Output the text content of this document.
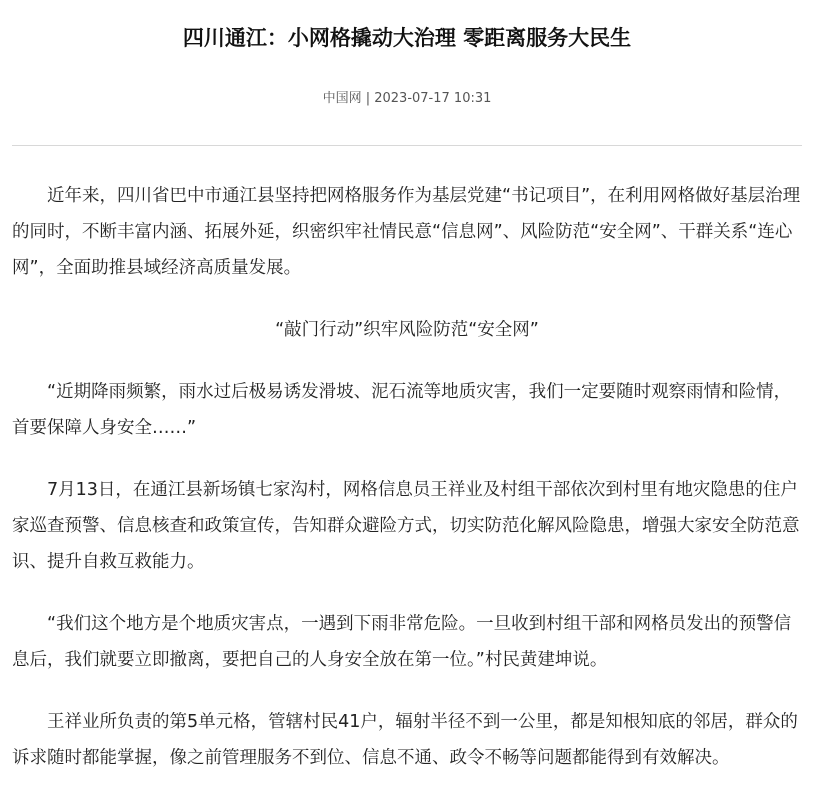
四川通江：小网格撬动大治理 零距离服务大民生
中国网 | 2023-07-17 10:31

近年来，四川省巴中市通江县坚持把网格服务作为基层党建“书记项目”，在利用网格做好基层治理的同时，不断丰富内涵、拓展外延，织密织牢社情民意“信息网”、风险防范“安全网”、干群关系“连心网”，全面助推县域经济高质量发展。

“敲门行动”织牢风险防范“安全网”

“近期降雨频繁，雨水过后极易诱发滑坡、泥石流等地质灾害，我们一定要随时观察雨情和险情，首要保障人身安全……”

7月13日，在通江县新场镇七家沟村，网格信息员王祥业及村组干部依次到村里有地灾隐患的住户家巡查预警、信息核查和政策宣传，告知群众避险方式，切实防范化解风险隐患，增强大家安全防范意识、提升自救互救能力。

“我们这个地方是个地质灾害点，一遇到下雨非常危险。一旦收到村组干部和网格员发出的预警信息后，我们就要立即撤离，要把自己的人身安全放在第一位。”村民黄建坤说。

王祥业所负责的第5单元格，管辖村民41户，辐射半径不到一公里，都是知根知底的邻居，群众的诉求随时都能掌握，像之前管理服务不到位、信息不通、政令不畅等问题都能得到有效解决。
